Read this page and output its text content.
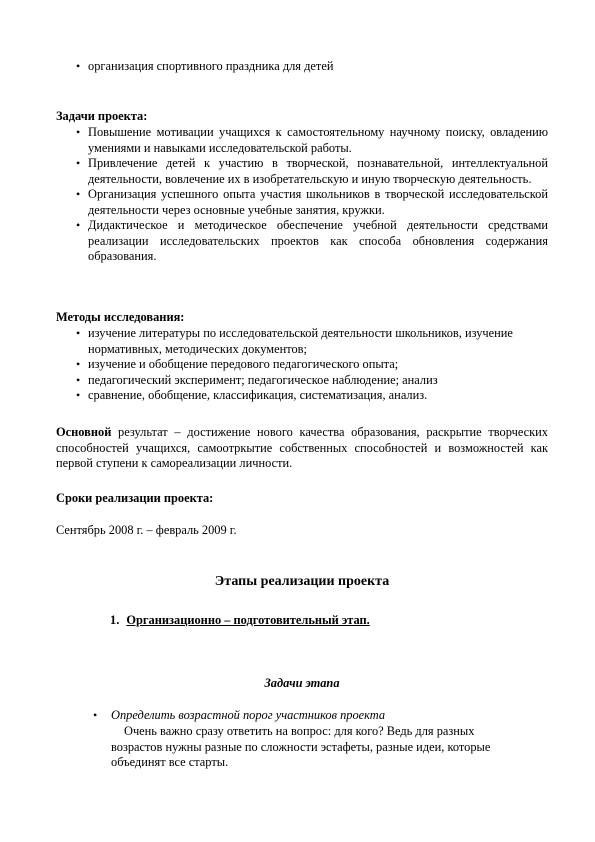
• организация спортивного праздника для детей
Задачи проекта:
• Повышение мотивации учащихся к самостоятельному научному поиску, овладению умениями и навыками исследовательской работы.
• Привлечение детей к участию в творческой, познавательной, интеллектуальной деятельности, вовлечение их в изобретательскую и иную творческую деятельность.
• Организация успешного опыта участия школьников в творческой исследовательской деятельности через основные учебные занятия, кружки.
• Дидактическое и методическое обеспечение учебной деятельности средствами реализации исследовательских проектов как способа обновления содержания образования.
Методы исследования:
• изучение литературы по исследовательской деятельности школьников, изучение нормативных, методических документов;
• изучение и обобщение передового педагогического опыта;
• педагогический эксперимент; педагогическое наблюдение; анализ
• сравнение, обобщение, классификация, систематизация, анализ.
Основной результат – достижение нового качества образования, раскрытие творческих способностей учащихся, самоотркытие собственных способностей и возможностей как первой ступени к самореализации личности.
Сроки реализации проекта:
Сентябрь 2008 г. – февраль 2009 г.
Этапы реализации проекта
1. Организационно – подготовительный этап.
Задачи этапа
• Определить возрастной порог участников проекта
Очень важно сразу ответить на вопрос: для кого? Ведь для разных возрастов нужны разные по сложности эстафеты, разные идеи, которые объединят все старты.
